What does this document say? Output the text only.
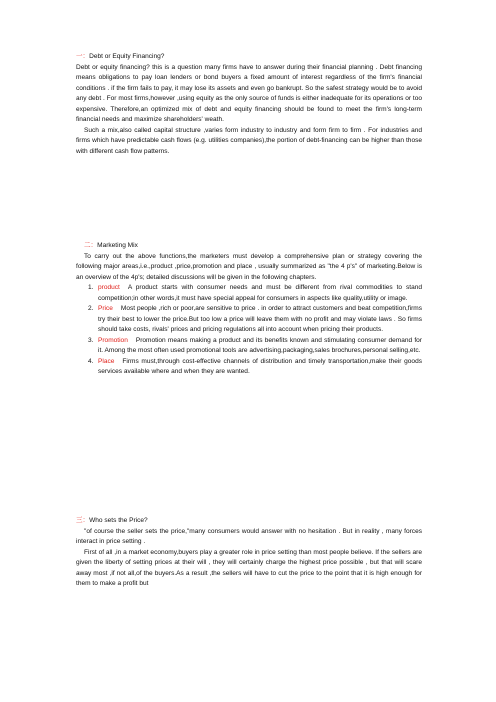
一：Debt or Equity Financing?

Debt or equity financing? this is a question many firms have to answer during their financial planning . Debt financing means obligations to pay loan lenders or bond buyers a fixed amount of interest regardless of the firm's financial conditions . if the firm fails to pay, it may lose its assets and even go bankrupt. So the safest strategy would be to avoid any debt . For most firms,however ,using equity as the only source of funds is either inadequate for its operations or too expensive. Therefore,an optimized mix of debt and equity financing should be found to meet the firm's long-term financial needs and maximize shareholders' weath.

Such a mix,also called capital structure ,varies form industry to industry and form firm to firm . For industries and firms which have predictable cash flows (e.g. utilities companies),the portion of debt-financing can be higher than those with different cash flow patterns.

二：Marketing Mix

To carry out the above functions,the marketers must develop a comprehensive plan or strategy covering the following major areas,i.e.,product ,price,promotion and place , usually summarized as "the 4 p's" of marketing.Below is an overview of the 4p's; detailed discussions will be given in the following chapters.

1. product A product starts with consumer needs and must be different from rival commodities to stand competition;in other words,it must have special appeal for consumers in aspects like quality,utility or image.
2. Price Most people ,rich or poor,are sensitive to price . in order to attract customers and beat competition,firms try their best to lower the price.But too low a price will leave them with no profit and may violate laws . So firms should take costs, rivals' prices and pricing regulations all into account when pricing their products.
3. Promotion Promotion means making a product and its benefits known and stimulating consumer demand for it. Among the most often used promotional tools are advertising,packaging,sales brochures,personal selling,etc.
4. Place Firms must,through cost-effective channels of distribution and timely transportation,make their goods services available where and when they are wanted.
三：Who sets the Price?

"of course the seller sets the price,"many consumers would answer with no hesitation . But in reality , many forces interact in price setting .

First of all ,in a market economy,buyers play a greater role in price setting than most people believe. If the sellers are given the liberty of setting prices at their will , they will certainly charge the highest price possible , but that will scare away most ,if not all,of the buyers.As a result ,the sellers will have to cut the price to the point that it is high enough for them to make a profit but
